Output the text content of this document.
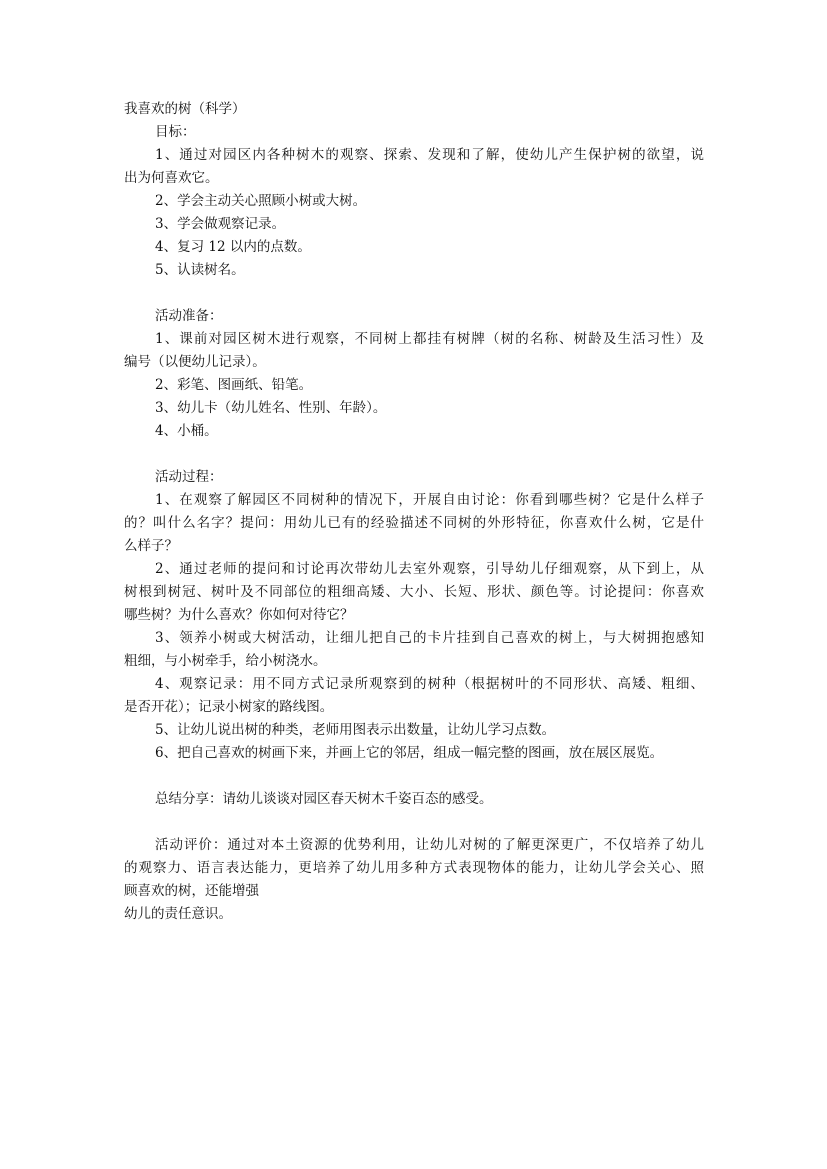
我喜欢的树（科学）
目标：
1、通过对园区内各种树木的观察、探索、发现和了解，使幼儿产生保护树的欲望，说
出为何喜欢它。
2、学会主动关心照顾小树或大树。
3、学会做观察记录。
4、复习 12 以内的点数。
5、认读树名。
活动准备：
1、课前对园区树木进行观察，不同树上都挂有树牌（树的名称、树龄及生活习性）及
编号（以便幼儿记录）。
2、彩笔、图画纸、铅笔。
3、幼儿卡（幼儿姓名、性别、年龄）。
4、小桶。
活动过程：
1、在观察了解园区不同树种的情况下，开展自由讨论：你看到哪些树？它是什么样子
的？叫什么名字？提问：用幼儿已有的经验描述不同树的外形特征，你喜欢什么树，它是什
么样子？
2、通过老师的提问和讨论再次带幼儿去室外观察，引导幼儿仔细观察，从下到上，从
树根到树冠、树叶及不同部位的粗细高矮、大小、长短、形状、颜色等。讨论提问：你喜欢
哪些树？为什么喜欢？你如何对待它？
3、领养小树或大树活动，让细儿把自己的卡片挂到自己喜欢的树上，与大树拥抱感知
粗细，与小树牵手，给小树浇水。
4、观察记录：用不同方式记录所观察到的树种（根据树叶的不同形状、高矮、粗细、
是否开花）；记录小树家的路线图。
5、让幼儿说出树的种类，老师用图表示出数量，让幼儿学习点数。
6、把自己喜欢的树画下来，并画上它的邻居，组成一幅完整的图画，放在展区展览。
总结分享：请幼儿谈谈对园区春天树木千姿百态的感受。
活动评价：通过对本土资源的优势利用，让幼儿对树的了解更深更广，不仅培养了幼儿
的观察力、语言表达能力，更培养了幼儿用多种方式表现物体的能力，让幼儿学会关心、照
顾喜欢的树，还能增强
幼儿的责任意识。
